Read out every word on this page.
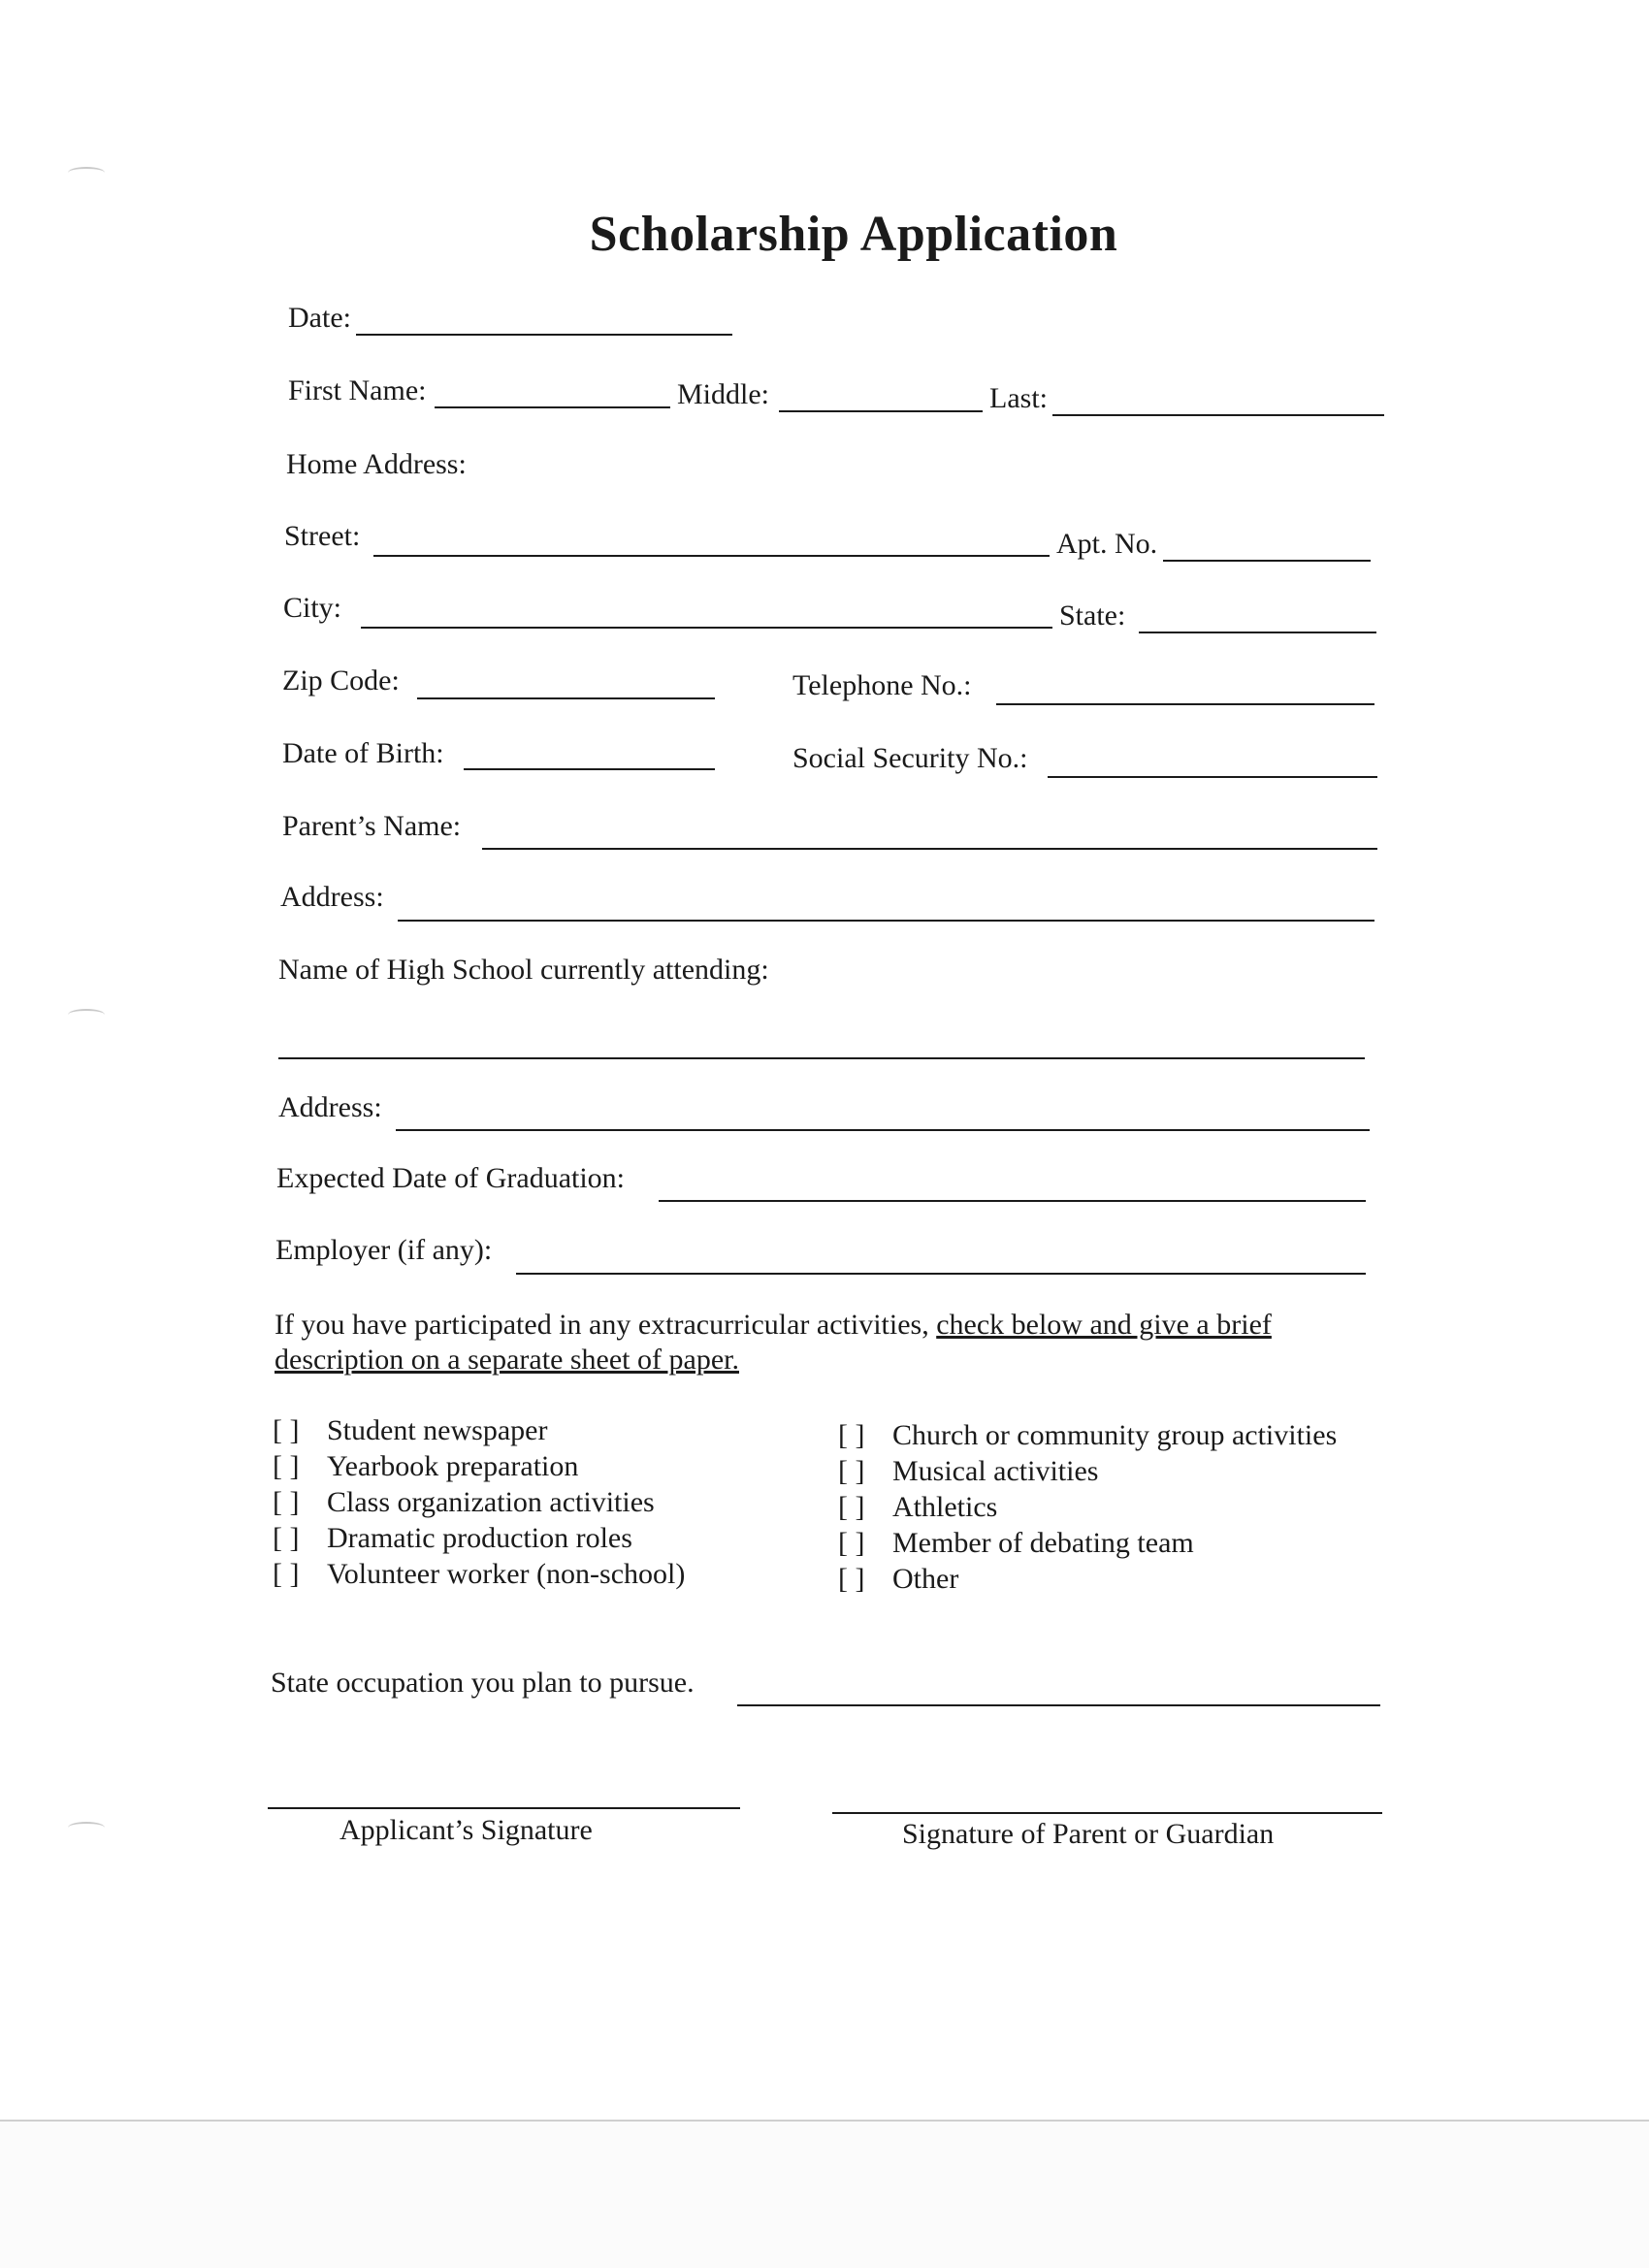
Scholarship Application
Date:
First Name:	Middle:	Last:
Home Address:
Street:	Apt. No.
City:	State:
Zip Code:	Telephone No.:
Date of Birth:	Social Security No.:
Parent’s Name:
Address:
Name of High School currently attending:
Address:
Expected Date of Graduation:
Employer (if any):
If you have participated in any extracurricular activities, check below and give a brief description on a separate sheet of paper.
[ ] Student newspaper
[ ] Yearbook preparation
[ ] Class organization activities
[ ] Dramatic production roles
[ ] Volunteer worker (non-school)
[ ] Church or community group activities
[ ] Musical activities
[ ] Athletics
[ ] Member of debating team
[ ] Other
State occupation you plan to pursue.
Applicant’s Signature	Signature of Parent or Guardian
